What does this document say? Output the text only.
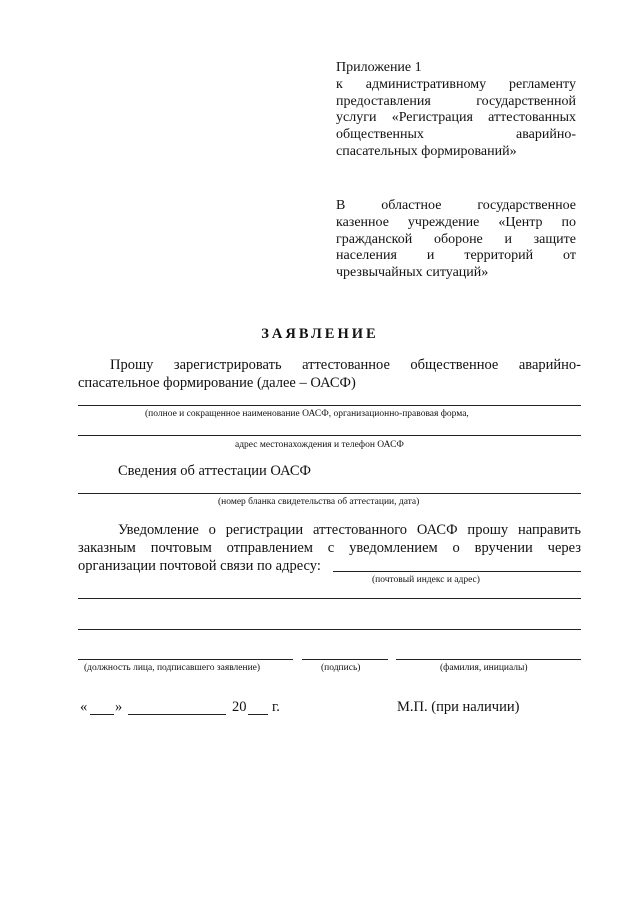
Приложение 1
к административному регламенту
предоставления государственной
услуги «Регистрация аттестованных
общественных аварийно-
спасательных формирований»
В областное государственное
казенное учреждение «Центр по
гражданской обороне и защите
населения и территорий от
чрезвычайных ситуаций»
ЗАЯВЛЕНИЕ
Прошу зарегистрировать аттестованное общественное аварийно-
спасательное формирование (далее – ОАСФ)
(полное и сокращенное наименование ОАСФ, организационно-правовая форма,
адрес местонахождения и телефон ОАСФ
Сведения об аттестации ОАСФ
(номер бланка свидетельства об аттестации, дата)
Уведомление о регистрации аттестованного ОАСФ прошу направить
заказным почтовым отправлением с уведомлением о вручении через
организации почтовой связи по адресу:
(почтовый индекс и адрес)
(должность лица, подписавшего заявление)	(подпись)	(фамилия, инициалы)
« »	20 г.	М.П. (при наличии)
